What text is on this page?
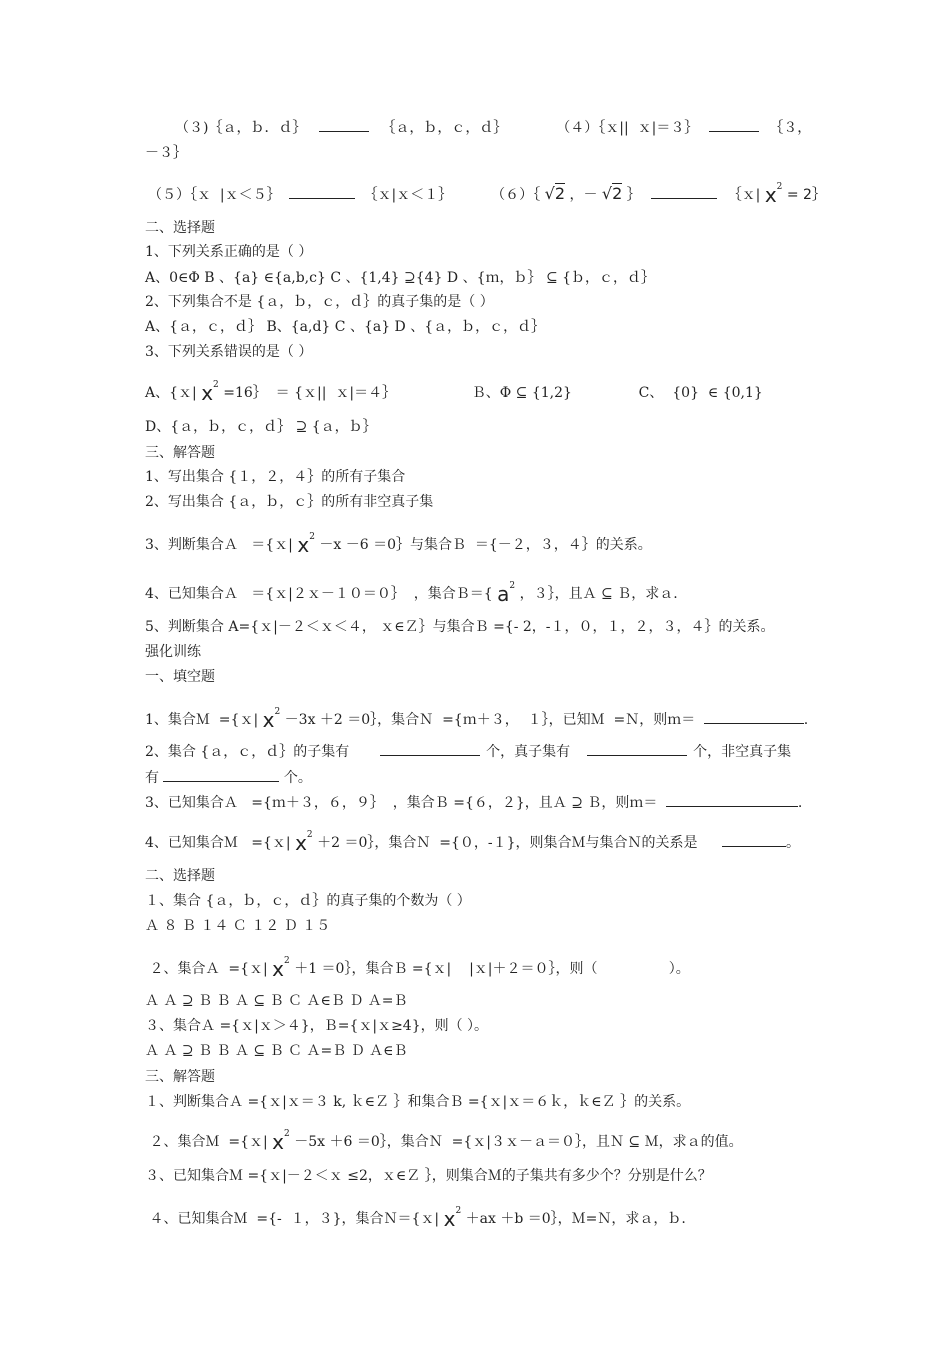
（３)｛ａ，ｂ．ｄ｝	｛ａ，ｂ，ｃ，ｄ｝	（４）｛ｘ||  ｘ|＝３｝	｛３，
－３｝
（５）｛ｘ  |ｘ＜５｝	｛ｘ|ｘ＜１｝	（６）｛ √2 ，－ √2 ｝	｛ｘ| $x^2$ = 2｝
二、选择题
1、下列关系正确的是（ ）
A、0∈Φ B 、{a} ∈{a,b,c} C 、{1,4} ⊇{4} D 、{ｍ，ｂ｝ ⊆ {ｂ，ｃ，ｄ｝
2、下列集合不是 {ａ，ｂ，ｃ，ｄ｝的真子集的是（ ）
A、{ａ，ｃ，ｄ｝ B、{a,d} C 、{a} D 、{ａ，ｂ，ｃ，ｄ｝
3、下列关系错误的是（ ）
A、{ｘ| $x^2$ =16｝  ＝ {ｘ||  ｘ|＝４｝                 Ｂ、Φ ⊆ {1,2}               C、  {0}  ∈ {0,1}
D、{ａ，ｂ，ｃ，ｄ｝ ⊇ {ａ，ｂ｝
三、解答题
1、写出集合 {１，２，４｝的所有子集合
2、写出集合 {ａ，ｂ，ｃ｝的所有非空真子集
3、判断集合Ａ   ＝{ｘ| $x^2 -x -6$ ＝0｝与集合Ｂ  ＝{－２，３，４｝的关系。
4、已知集合Ａ   ＝{ｘ|２ｘ－１０＝０｝  ，集合Ｂ＝{ $a^2$ ，３｝，且Ａ ⊆ Ｂ，求ａ.
5、判断集合 A={ｘ|－２＜ｘ＜４， ｘ∈Ｚ｝与集合Ｂ ={- 2，-１，０，１，２，３，４｝的关系。
强化训练
一、填空题
1、集合Ｍ  ={ｘ| $x^2 -3x +2$ ＝0｝，集合Ｎ  ={ｍ＋３，  １｝，已知Ｍ  =Ｎ，则ｍ＝	.
2、集合 {ａ，ｃ，ｄ｝的子集有	个，真子集有	个，非空真子集
有	个。
3、已知集合Ａ   ={ｍ＋３，６，９｝  ，集合Ｂ ={６，２}，且Ａ ⊇ Ｂ，则ｍ＝	.
4、已知集合Ｍ   ={ｘ| $x^2 +2$ ＝0｝，集合Ｎ  ={０，-１}，则集合Ｍ与集合Ｎ的关系是	。
二、选择题
１、集合 {ａ，ｂ，ｃ，ｄ｝的真子集的个数为（ ）
Ａ ８ Ｂ １４ Ｃ １２ Ｄ １５
２、集合Ａ  ={ｘ| $x^2 +1$ ＝0｝，集合Ｂ ={ｘ|    |ｘ|＋２＝０｝，则（                ）。
Ａ Ａ ⊇ Ｂ Ｂ Ａ ⊆ Ｂ Ｃ Ａ∈Ｂ Ｄ Ａ=Ｂ
３、集合Ａ ={ｘ|ｘ＞４}，Ｂ={ｘ|ｘ≥4}，则（ ）。
Ａ Ａ ⊇ Ｂ Ｂ Ａ ⊆ Ｂ Ｃ Ａ=Ｂ Ｄ Ａ∈Ｂ
三、解答题
１、判断集合Ａ ={ｘ|ｘ＝３ k, ｋ∈Ｚ ｝和集合Ｂ ={ｘ|ｘ＝６ｋ，ｋ∈Ｚ ｝的关系。
２、集合Ｍ  ={ｘ| $x^2 -5x +6$ ＝0｝，集合Ｎ  ={ｘ|３ｘ－ａ＝０｝，且Ｎ ⊆ Ｍ，求ａ的值。
３、已知集合Ｍ ={ｘ|－２＜ｘ ≤2，ｘ∈Ｚ ｝，则集合Ｍ的子集共有多少个？分别是什么？
４、已知集合Ｍ  ={-  １，３}，集合Ｎ＝{ｘ| $x^2 +ax +b$ ＝0｝，Ｍ=Ｎ，求ａ，ｂ.
